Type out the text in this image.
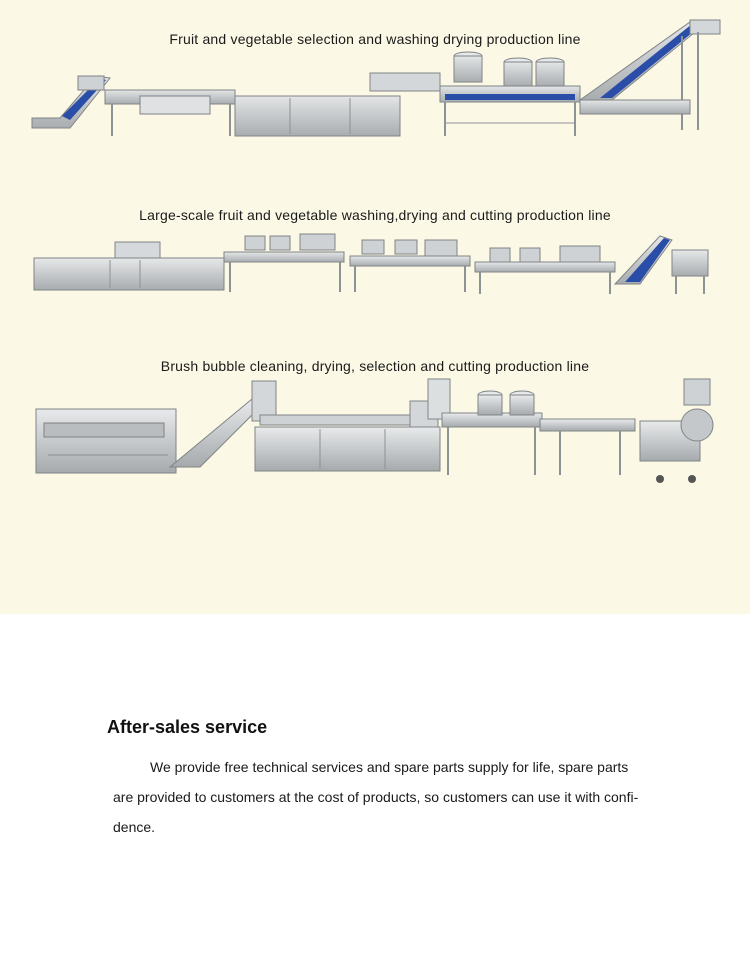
Fruit and vegetable selection and washing drying production line
Large-scale fruit and vegetable washing,drying and cutting production line
Brush bubble cleaning, drying, selection and cutting production line
After-sales service
We provide free technical services and spare parts supply for life, spare parts
are provided to customers at the cost of products, so customers can use it with confi-
dence.
